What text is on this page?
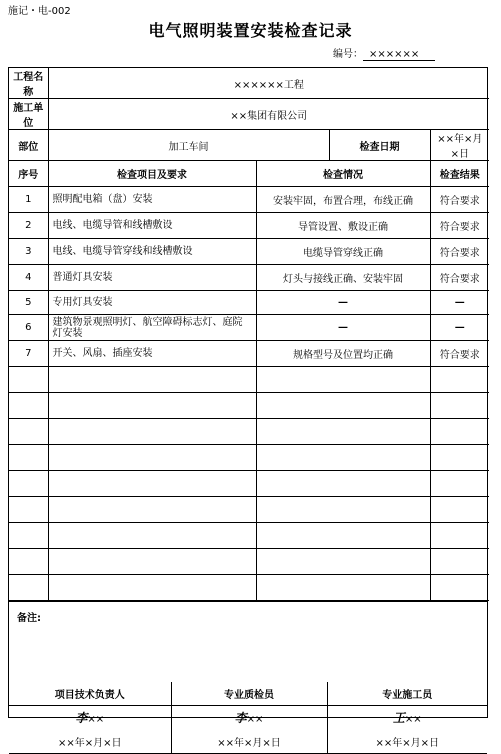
施记・电-002
电气照明装置安装检查记录
编号： ××××××
工程名称	××××××工程			
施工单位	××集团有限公司			
部位	加工车间		检查日期	××年×月×日
序号	检查项目及要求	检查情况		检查结果
1	照明配电箱（盘）安装	安装牢固，布置合理，布线正确		符合要求
2	电线、电缆导管和线槽敷设	导管设置、敷设正确		符合要求
3	电线、电缆导管穿线和线槽敷设	电缆导管穿线正确		符合要求
4	普通灯具安装	灯头与接线正确、安装牢固		符合要求
5	专用灯具安装	—		—
6	建筑物景观照明灯、航空障碍标志灯、庭院灯安装	—		—
7	开关、风扇、插座安装	规格型号及位置均正确		符合要求

备注:
项目技术负责人	专业质检员	专业施工员
李××	李××	王××
××年×月×日	××年×月×日	××年×月×日
